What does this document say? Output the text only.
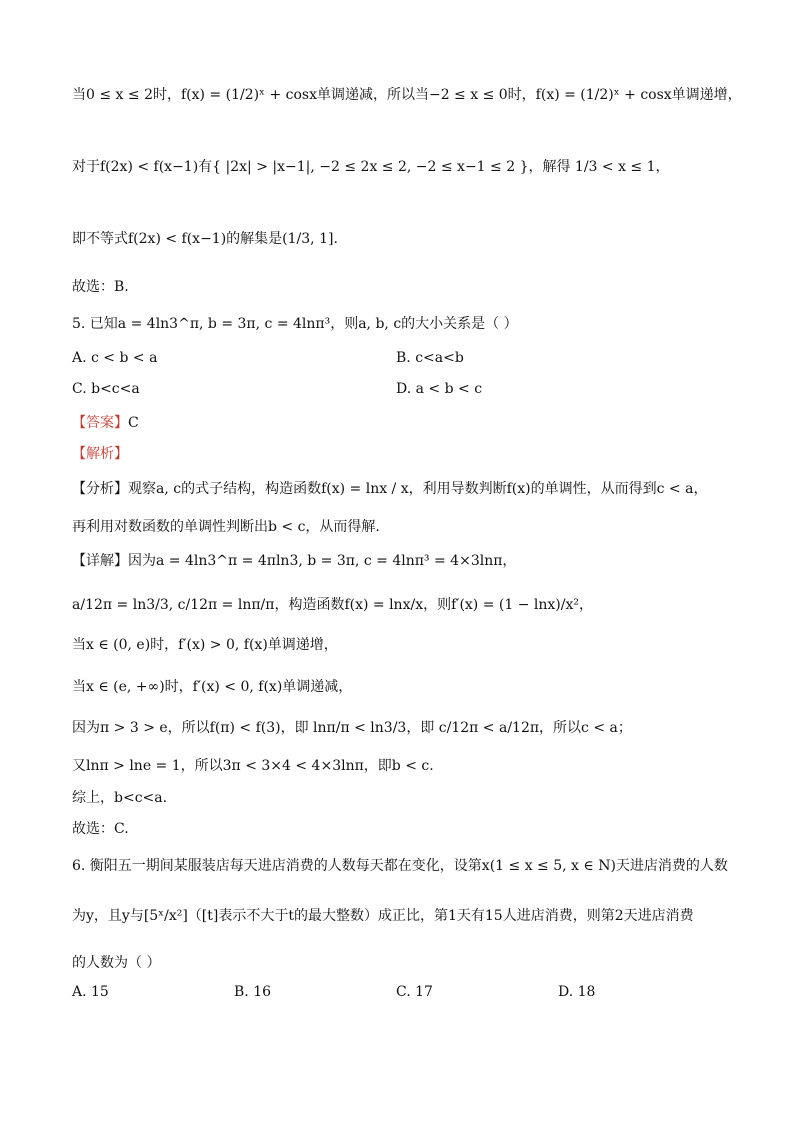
当0 ≤ x ≤ 2时，f(x) = (1/2)ˣ + cosx单调递减，所以当−2 ≤ x ≤ 0时，f(x) = (1/2)ˣ + cosx单调递增，
对于f(2x) < f(x−1)有{ |2x| > |x−1|, −2 ≤ 2x ≤ 2, −2 ≤ x−1 ≤ 2 }，解得 1/3 < x ≤ 1，
即不等式f(2x) < f(x−1)的解集是(1/3, 1].
故选：B.
5. 已知a = 4ln3^π, b = 3π, c = 4lnπ³，则a, b, c的大小关系是（ ）
A. c < b < a	B. c<a<b
C. b<c<a	D. a < b < c
【答案】C
【解析】
【分析】观察a, c的式子结构，构造函数f(x) = lnx / x，利用导数判断f(x)的单调性，从而得到c < a，
再利用对数函数的单调性判断出b < c，从而得解.
【详解】因为a = 4ln3^π = 4πln3, b = 3π, c = 4lnπ³ = 4×3lnπ，
a/12π = ln3/3, c/12π = lnπ/π，构造函数f(x) = lnx/x，则f′(x) = (1 − lnx)/x²，
当x ∈ (0, e)时，f′(x) > 0, f(x)单调递增，
当x ∈ (e, +∞)时，f′(x) < 0, f(x)单调递减，
因为π > 3 > e，所以f(π) < f(3)，即 lnπ/π < ln3/3，即 c/12π < a/12π，所以c < a；
又lnπ > lne = 1，所以3π < 3×4 < 4×3lnπ，即b < c.
综上，b<c<a.
故选：C.
6. 衡阳五一期间某服装店每天进店消费的人数每天都在变化，设第x(1 ≤ x ≤ 5, x ∈ N)天进店消费的人数
为y，且y与[5ˣ/x²]（[t]表示不大于t的最大整数）成正比，第1天有15人进店消费，则第2天进店消费
的人数为（ ）
A. 15	B. 16	C. 17	D. 18
